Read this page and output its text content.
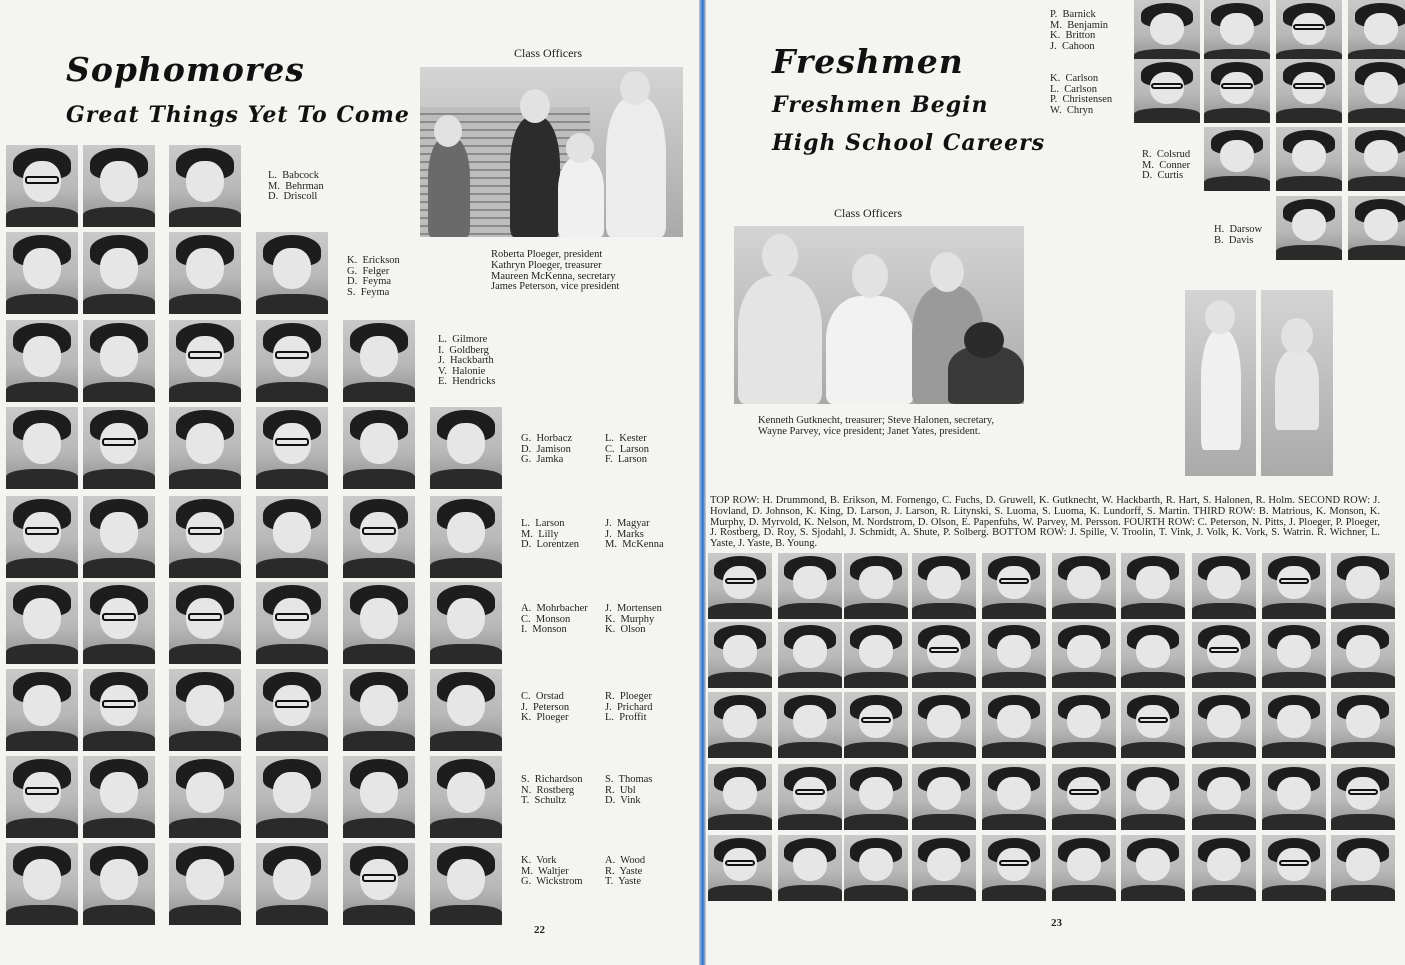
Sophomores
Great Things Yet To Come
Class Officers
Roberta Ploeger, president
Kathryn Ploeger, treasurer
Maureen McKenna, secretary
James Peterson, vice president
L.  Babcock
M.  Behrman
D.  Driscoll
K.  Erickson
G.  Felger
D.  Feyma
S.  Feyma
L.  Gilmore
I.  Goldberg
J.  Hackbarth
V.  Halonie
E.  Hendricks
G.  Horbacz
D.  Jamison
G.  Jamka
L.  Kester
C.  Larson
F.  Larson
L.  Larson
M.  Lilly
D.  Lorentzen
J.  Magyar
J.  Marks
M.  McKenna
A.  Mohrbacher
C.  Monson
I.  Monson
J.  Mortensen
K.  Murphy
K.  Olson
C.  Orstad
J.  Peterson
K.  Ploeger
R.  Ploeger
J.  Prichard
L.  Proffit
S.  Richardson
N.  Rostberg
T.  Schultz
S.  Thomas
R.  Ubl
D.  Vink
K.  Vork
M.  Waltjer
G.  Wickstrom
A.  Wood
R.  Yaste
T.  Yaste
22
Freshmen
Freshmen Begin
High School Careers
Class Officers
Kenneth Gutknecht, treasurer; Steve Halonen, secretary, Wayne Parvey, vice president; Janet Yates, president.
TOP ROW: H. Drummond, B. Erikson, M. Fornengo, C. Fuchs, D. Gruwell, K. Gutknecht, W. Hackbarth, R. Hart, S. Halonen, R. Holm. SECOND ROW: J. Hovland, D. Johnson, K. King, D. Larson, J. Larson, R. Litynski, S. Luoma, S. Luoma, K. Lundorff, S. Martin. THIRD ROW: B. Matrious, K. Monson, K. Murphy, D. Myrvold, K. Nelson, M. Nordstrom, D. Olson, E. Papenfuhs, W. Parvey, M. Persson. FOURTH ROW: C. Peterson, N. Pitts, J. Ploeger, P. Ploeger, J. Rostberg, D. Roy, S. Sjodahl, J. Schmidt, A. Shute, P. Solberg. BOTTOM ROW: J. Spille, V. Troolin, T. Vink, J. Volk, K. Vork, S. Watrin. R. Wichner, L. Yaste, J. Yaste, B. Young.
P.  Barnick
M.  Benjamin
K.  Britton
J.  Cahoon
K.  Carlson
L.  Carlson
P.  Christensen
W.  Chryn
R.  Colsrud
M.  Conner
D.  Curtis
H.  Darsow
B.  Davis
23
